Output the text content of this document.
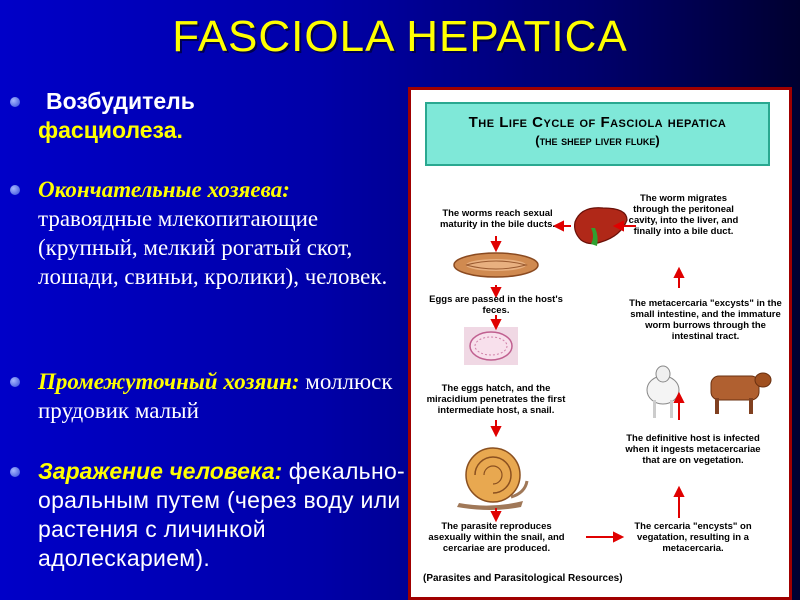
FASCIOLA HEPATICA
Возбудитель
фасциолеза.
Окончательные хозяева: травоядные млекопитающие (крупный, мелкий рогатый скот, лошади, свиньи, кролики), человек.
Промежуточный хозяин: моллюск прудовик малый
Заражение человека: фекально-оральным путем (через воду или растения с личинкой адолескарием).
The Life Cycle of Fasciola hepatica
(the sheep liver fluke)
The worms reach sexual maturity in the bile ducts.
Eggs are passed in the host's feces.
The eggs hatch, and the miracidium penetrates the first intermediate host, a snail.
The parasite reproduces asexually within the snail, and cercariae are produced.
The worm migrates through the peritoneal cavity, into the liver, and finally into a bile duct.
The metacercaria "excysts" in the small intestine, and the immature worm burrows through the intestinal tract.
The definitive host is infected when it ingests metacercariae that are on vegetation.
The cercaria "encysts" on vegatation, resulting in a metacercaria.
(Parasites and Parasitological Resources)
